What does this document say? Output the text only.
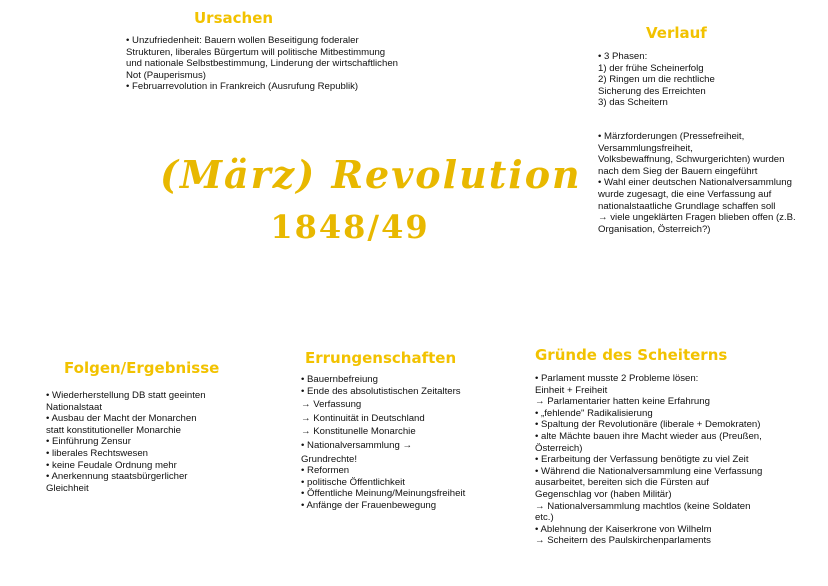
Ursachen
• Unzufriedenheit: Bauern wollen Beseitigung foderaler
Strukturen, liberales Bürgertum will politische Mitbestimmung
und nationale Selbstbestimmung, Linderung der wirtschaftlichen
Not (Pauperismus)
• Februarrevolution in Frankreich (Ausrufung Republik)
Verlauf
• 3 Phasen:
1) der frühe Scheinerfolg
2) Ringen um die rechtliche
Sicherung des Erreichten
3) das Scheitern
• Märzforderungen (Pressefreiheit,
Versammlungsfreiheit,
Volksbewaffnung, Schwurgerichten) wurden
nach dem Sieg der Bauern eingeführt
• Wahl einer deutschen Nationalversammlung
wurde zugesagt, die eine Verfassung auf
nationalstaatliche Grundlage schaffen soll
→ viele ungeklärten Fragen blieben offen (z.B.
Organisation, Österreich?)
(März) Revolution
1848/49
Folgen/Ergebnisse
• Wiederherstellung DB statt geeinten
Nationalstaat
• Ausbau der Macht der Monarchen
statt konstitutioneller Monarchie
• Einführung Zensur
• liberales Rechtswesen
• keine Feudale Ordnung mehr
• Anerkennung staatsbürgerlicher
Gleichheit
Errungenschaften
• Bauernbefreiung
• Ende des absolutistischen Zeitalters
→ Verfassung
→ Kontinuität in Deutschland
→ Konstitunelle Monarchie
• Nationalversammlung →
Grundrechte!
• Reformen
• politische Öffentlichkeit
• Öffentliche Meinung/Meinungsfreiheit
• Anfänge der Frauenbewegung
Gründe des Scheiterns
• Parlament musste 2 Probleme lösen:
Einheit + Freiheit
→ Parlamentarier hatten keine Erfahrung
• „fehlende" Radikalisierung
• Spaltung der Revolutionäre (liberale + Demokraten)
• alte Mächte bauen ihre Macht wieder aus (Preußen,
Österreich)
• Erarbeitung der Verfassung benötigte zu viel Zeit
• Während die Nationalversammlung eine Verfassung
ausarbeitet, bereiten sich die Fürsten auf
Gegenschlag vor (haben Militär)
→ Nationalversammlung machtlos (keine Soldaten
etc.)
• Ablehnung der Kaiserkrone von Wilhelm
→ Scheitern des Paulskirchenparlaments
